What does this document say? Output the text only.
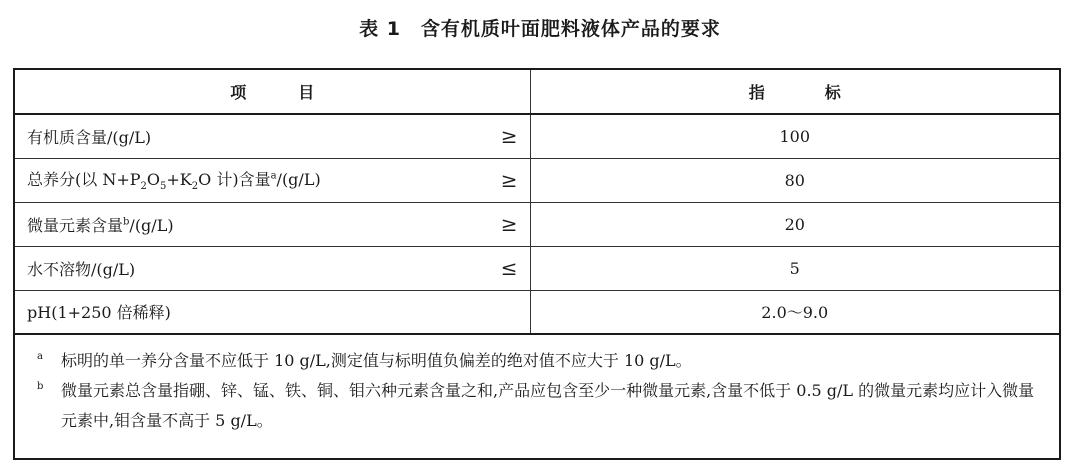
表 1　含有机质叶面肥料液体产品的要求
项目	指标
有机质含量/(g/L) ≥	100
总养分(以 $N+P_2O_5+K_2O$ 计)含量$^a$/(g/L) ≥	80
微量元素含量$^b$/(g/L) ≥	20
水不溶物/(g/L) ≤	5
pH(1+250 倍稀释)	2.0～9.0
a 标明的单一养分含量不应低于 10 g/L,测定值与标明值负偏差的绝对值不应大于 10 g/L。
b 微量元素总含量指硼、锌、锰、铁、铜、钼六种元素含量之和,产品应包含至少一种微量元素,含量不低于 0.5 g/L 的微量元素均应计入微量元素中,钼含量不高于 5 g/L。
